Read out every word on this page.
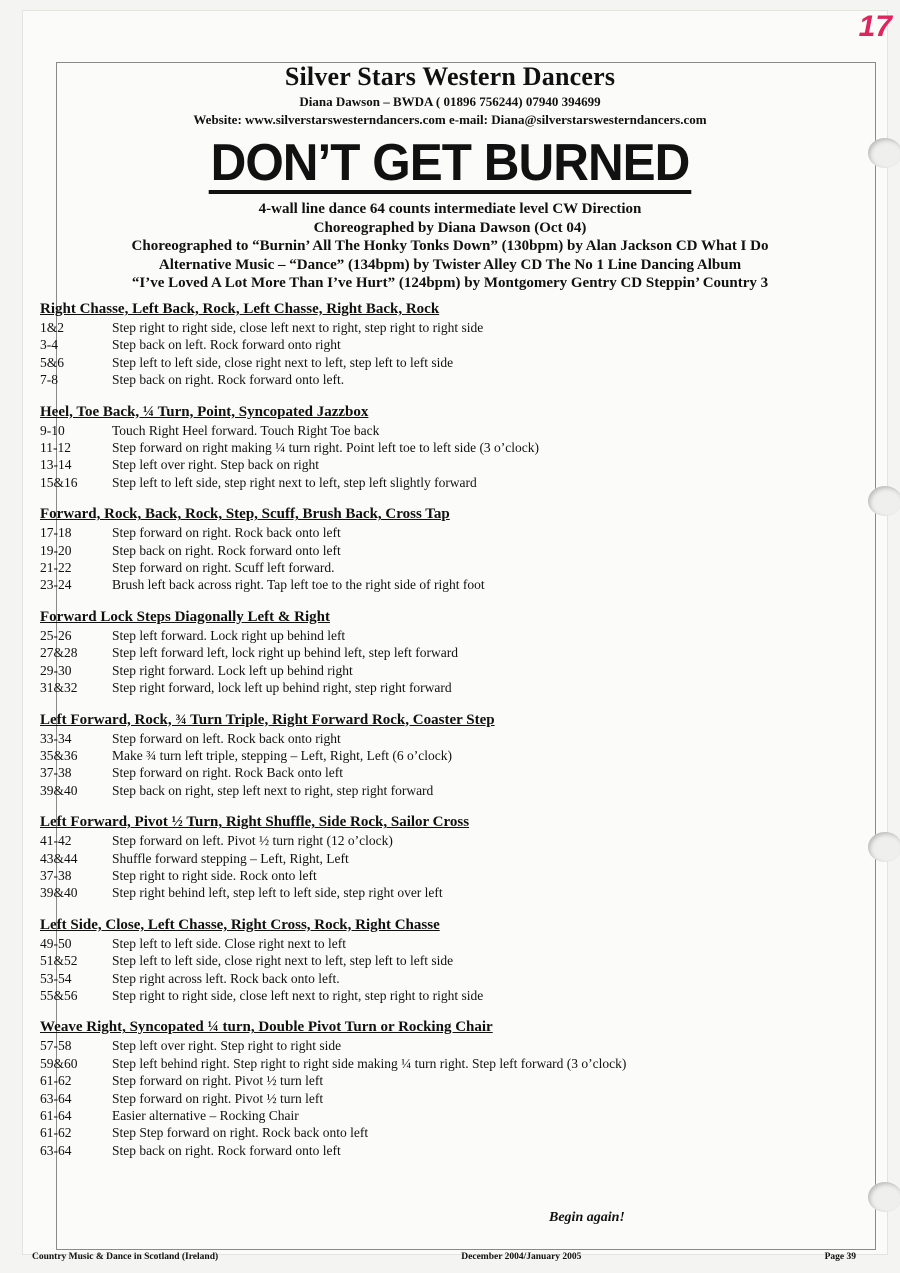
17
Silver Stars Western Dancers
Diana Dawson – BWDA ( 01896 756244) 07940 394699
Website: www.silverstarswesterndancers.com e-mail: Diana@silverstarswesterndancers.com
DON’T GET BURNED
4-wall line dance 64 counts intermediate level CW Direction
Choreographed by Diana Dawson (Oct 04)
Choreographed to “Burnin’ All The Honky Tonks Down” (130bpm) by Alan Jackson CD What I Do
Alternative Music – “Dance” (134bpm) by Twister Alley CD The No 1 Line Dancing Album
“I’ve Loved A Lot More Than I’ve Hurt” (124bpm) by Montgomery Gentry CD Steppin’ Country 3
Right Chasse, Left Back, Rock, Left Chasse, Right Back, Rock
1&2	Step right to right side, close left next to right, step right to right side
3-4	Step back on left. Rock forward onto right
5&6	Step left to left side, close right next to left, step left to left side
7-8	Step back on right. Rock forward onto left.
Heel, Toe Back, ¼ Turn, Point, Syncopated Jazzbox
9-10	Touch Right Heel forward. Touch Right Toe back
11-12	Step forward on right making ¼ turn right. Point left toe to left side (3 o’clock)
13-14	Step left over right. Step back on right
15&16	Step left to left side, step right next to left, step left slightly forward
Forward, Rock, Back, Rock, Step, Scuff, Brush Back, Cross Tap
17-18	Step forward on right. Rock back onto left
19-20	Step back on right. Rock forward onto left
21-22	Step forward on right. Scuff left forward.
23-24	Brush left back across right. Tap left toe to the right side of right foot
Forward Lock Steps Diagonally Left & Right
25-26	Step left forward. Lock right up behind left
27&28	Step left forward left, lock right up behind left, step left forward
29-30	Step right forward. Lock left up behind right
31&32	Step right forward, lock left up behind right, step right forward
Left Forward, Rock, ¾ Turn Triple, Right Forward Rock, Coaster Step
33-34	Step forward on left. Rock back onto right
35&36	Make ¾ turn left triple, stepping – Left, Right, Left (6 o’clock)
37-38	Step forward on right. Rock Back onto left
39&40	Step back on right, step left next to right, step right forward
Left Forward, Pivot ½ Turn, Right Shuffle, Side Rock, Sailor Cross
41-42	Step forward on left. Pivot ½ turn right (12 o’clock)
43&44	Shuffle forward stepping – Left, Right, Left
37-38	Step right to right side. Rock onto left
39&40	Step right behind left, step left to left side, step right over left
Left Side, Close, Left Chasse, Right Cross, Rock, Right Chasse
49-50	Step left to left side. Close right next to left
51&52	Step left to left side, close right next to left, step left to left side
53-54	Step right across left. Rock back onto left.
55&56	Step right to right side, close left next to right, step right to right side
Weave Right, Syncopated ¼ turn, Double Pivot Turn or Rocking Chair
57-58	Step left over right. Step right to right side
59&60	Step left behind right. Step right to right side making ¼ turn right. Step left forward (3 o’clock)
61-62	Step forward on right. Pivot ½ turn left
63-64	Step forward on right. Pivot ½ turn left
61-64	Easier alternative – Rocking Chair
61-62	Step Step forward on right. Rock back onto left
63-64	Step back on right. Rock forward onto left
Begin again!
Country Music & Dance in Scotland (Ireland)	December 2004/January 2005	Page 39
